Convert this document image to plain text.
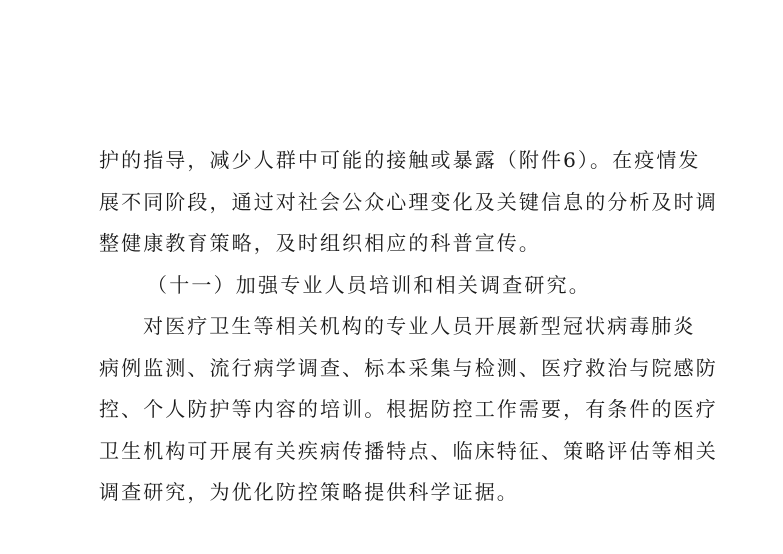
护的指导，减少人群中可能的接触或暴露（附件6）。在疫情发
展不同阶段，通过对社会公众心理变化及关键信息的分析及时调
整健康教育策略，及时组织相应的科普宣传。
（十一）加强专业人员培训和相关调查研究。
对医疗卫生等相关机构的专业人员开展新型冠状病毒肺炎
病例监测、流行病学调查、标本采集与检测、医疗救治与院感防
控、个人防护等内容的培训。根据防控工作需要，有条件的医疗
卫生机构可开展有关疾病传播特点、临床特征、策略评估等相关
调查研究，为优化防控策略提供科学证据。
